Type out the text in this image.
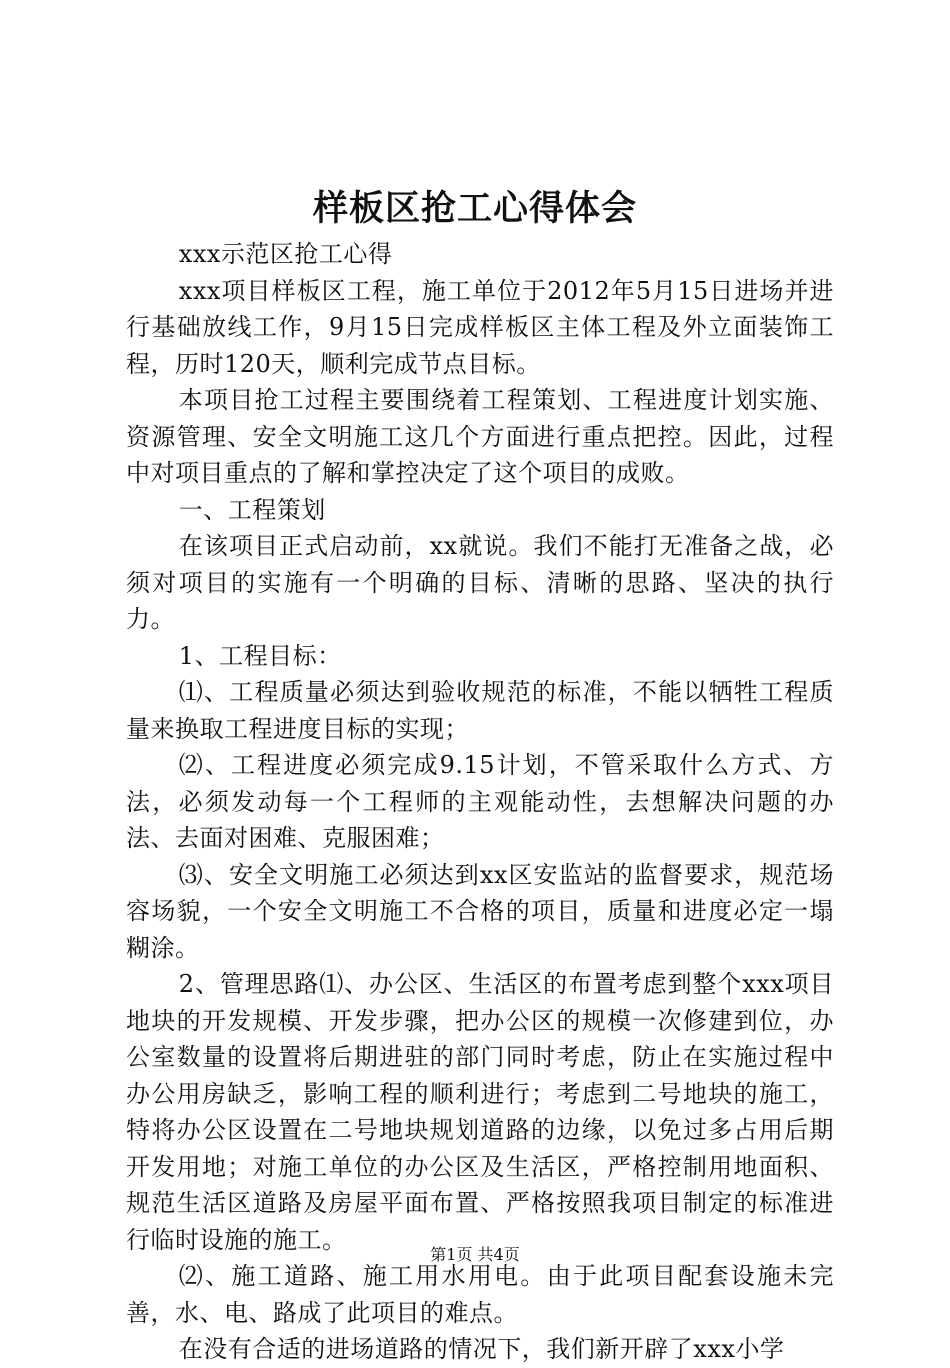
样板区抢工心得体会

xxx示范区抢工心得

xxx项目样板区工程，施工单位于2012年5月15日进场并进行基础放线工作，9月15日完成样板区主体工程及外立面装饰工程，历时120天，顺利完成节点目标。

本项目抢工过程主要围绕着工程策划、工程进度计划实施、资源管理、安全文明施工这几个方面进行重点把控。因此，过程中对项目重点的了解和掌控决定了这个项目的成败。

一、工程策划

在该项目正式启动前，xx就说。我们不能打无准备之战，必须对项目的实施有一个明确的目标、清晰的思路、坚决的执行力。

1、工程目标：

⑴、工程质量必须达到验收规范的标准，不能以牺牲工程质量来换取工程进度目标的实现；

⑵、工程进度必须完成9.15计划，不管采取什么方式、方法，必须发动每一个工程师的主观能动性，去想解决问题的办法、去面对困难、克服困难；

⑶、安全文明施工必须达到xx区安监站的监督要求，规范场容场貌，一个安全文明施工不合格的项目，质量和进度必定一塌糊涂。

2、管理思路⑴、办公区、生活区的布置考虑到整个xxx项目地块的开发规模、开发步骤，把办公区的规模一次修建到位，办公室数量的设置将后期进驻的部门同时考虑，防止在实施过程中办公用房缺乏，影响工程的顺利进行；考虑到二号地块的施工，特将办公区设置在二号地块规划道路的边缘，以免过多占用后期开发用地；对施工单位的办公区及生活区，严格控制用地面积、规范生活区道路及房屋平面布置、严格按照我项目制定的标准进行临时设施的施工。

⑵、施工道路、施工用水用电。由于此项目配套设施未完善，水、电、路成了此项目的难点。

在没有合适的进场道路的情况下，我们新开辟了xxx小学

第1页 共4页
